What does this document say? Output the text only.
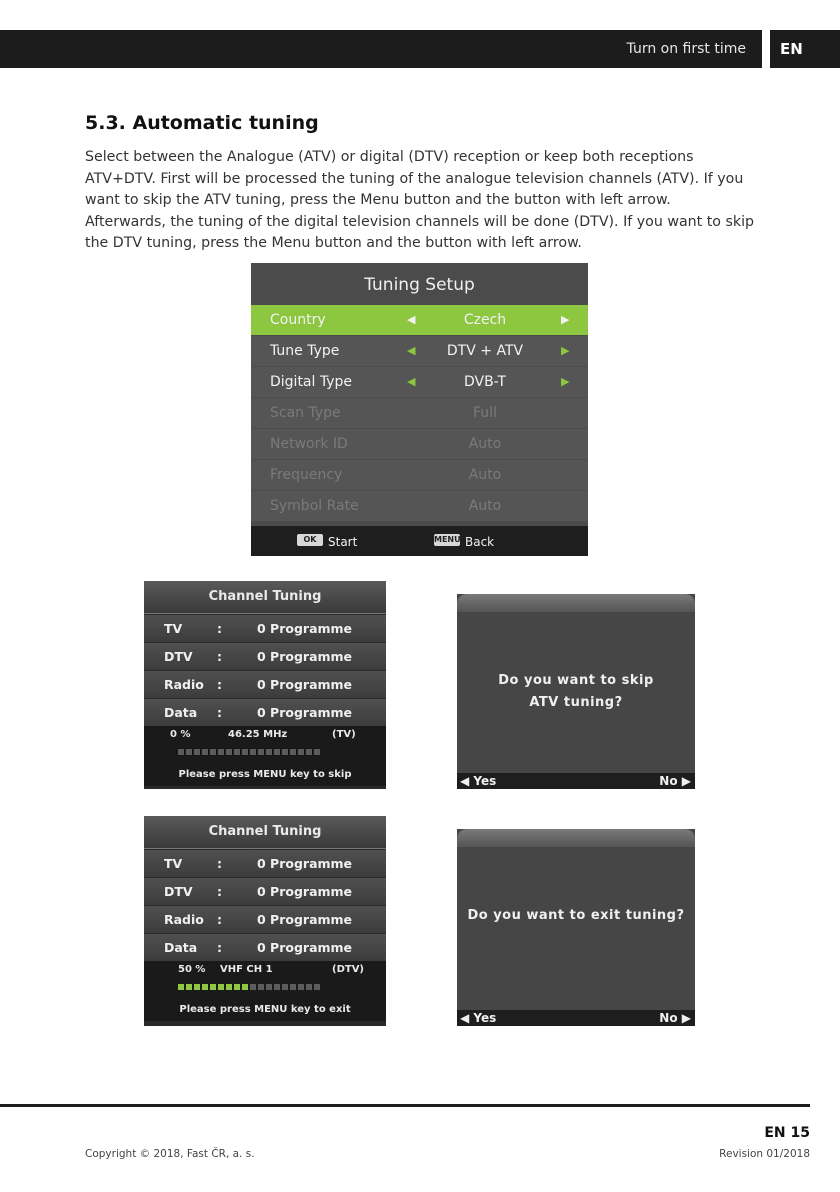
Turn on first time	EN
5.3. Automatic tuning

Select between the Analogue (ATV) or digital (DTV) reception or keep both receptions ATV+DTV. First will be processed the tuning of the analogue television channels (ATV). If you want to skip the ATV tuning, press the Menu button and the button with left arrow. Afterwards, the tuning of the digital television channels will be done (DTV). If you want to skip the DTV tuning, press the Menu button and the button with left arrow.

Tuning Setup
Country	◀	Czech	▶
Tune Type	◀	DTV + ATV	▶
Digital Type	◀	DVB-T	▶
Scan Type	Full
Network ID	Auto
Frequency	Auto
Symbol Rate	Auto
OK Start	MENU Back
Channel Tuning
TV	:	0 Programme
DTV :	0 Programme
Radio :	0 Programme
Data :	0 Programme
0 %	46.25 MHz	(TV)
Please press MENU key to skip
Do you want to skip ATV tuning?
◀ Yes	No ▶
Channel Tuning
TV	:	0 Programme
DTV :	0 Programme
Radio :	0 Programme
Data :	0 Programme
50 % VHF CH 1	(DTV)
Please press MENU key to exit
Do you want to exit tuning?
◀ Yes	No ▶
EN 15
Copyright © 2018, Fast ČR, a. s.	Revision 01/2018
